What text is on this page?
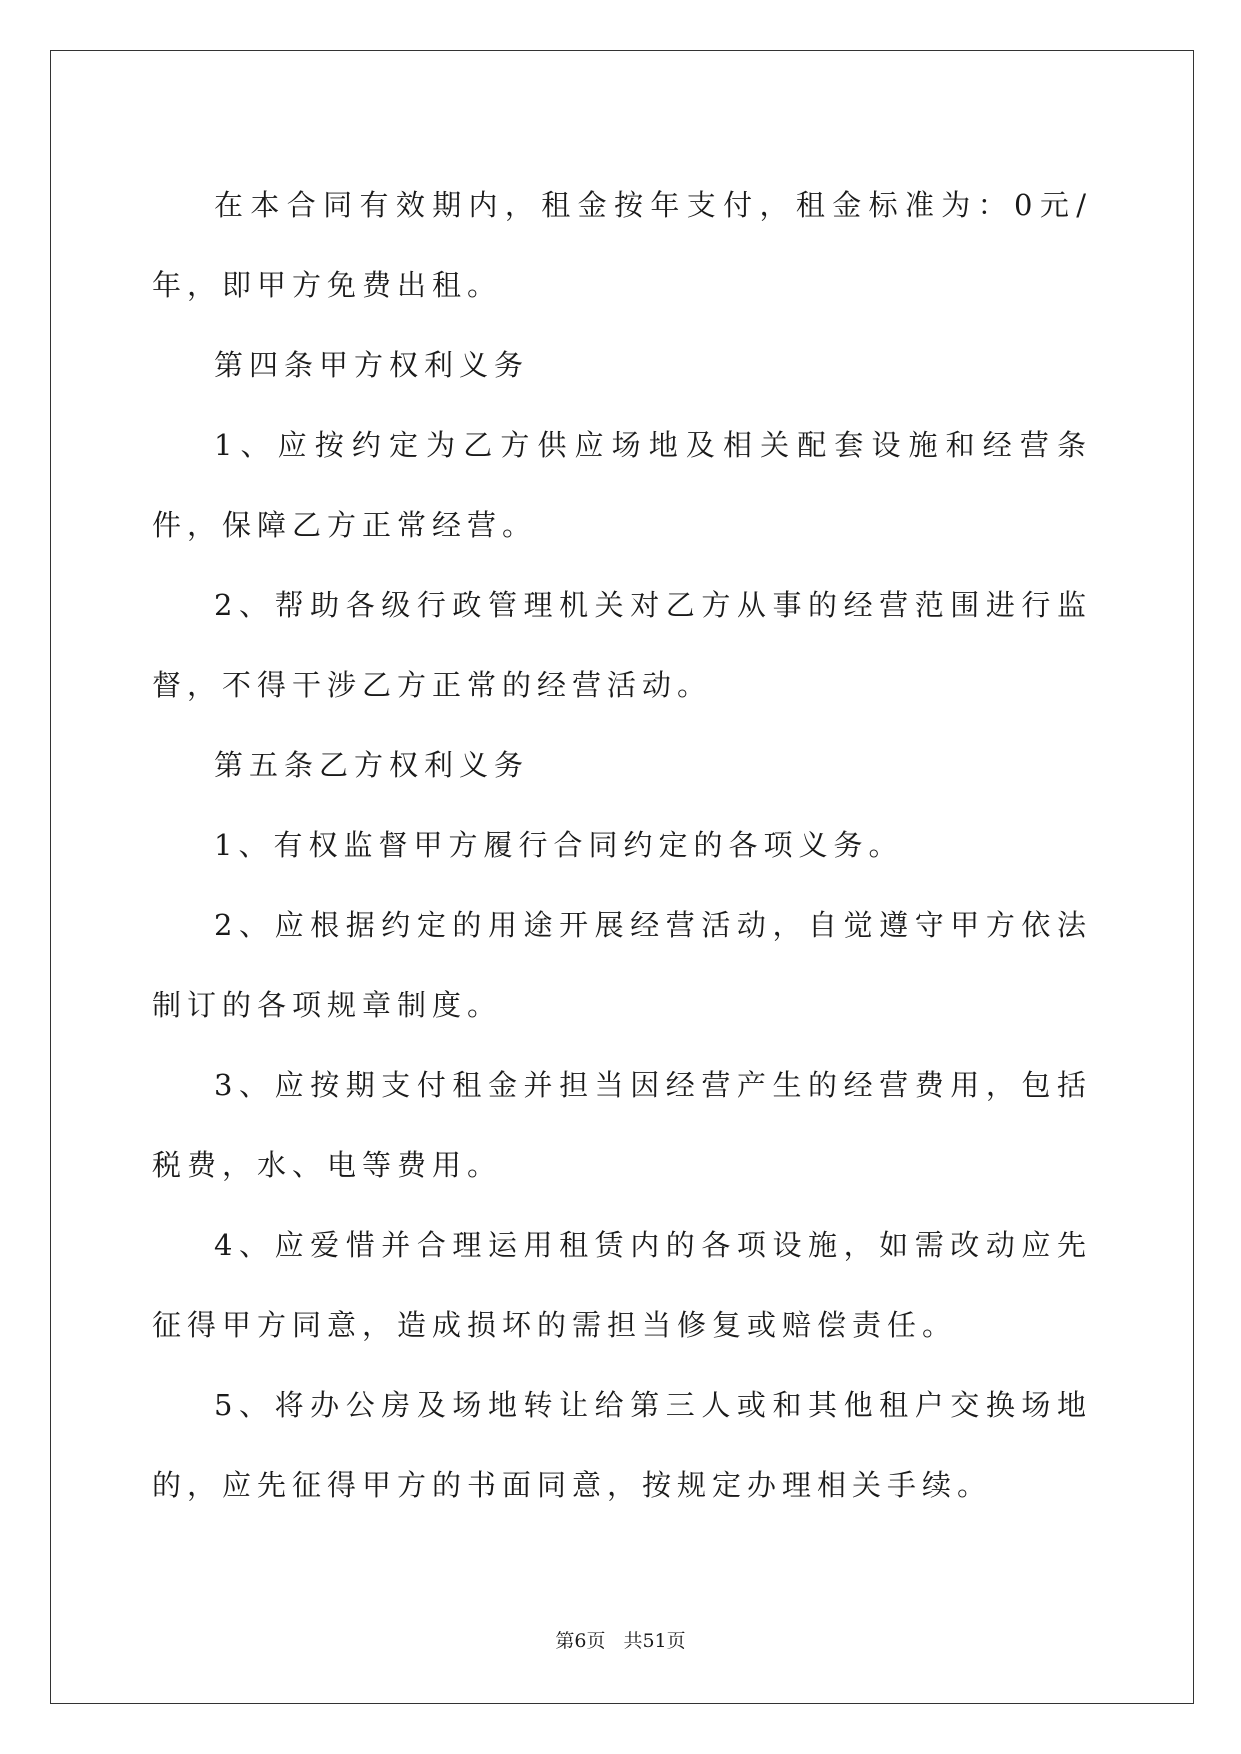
在本合同有效期内，租金按年支付，租金标准为：0元/年，即甲方免费出租。

第四条甲方权利义务

1、应按约定为乙方供应场地及相关配套设施和经营条件，保障乙方正常经营。

2、帮助各级行政管理机关对乙方从事的经营范围进行监督，不得干涉乙方正常的经营活动。

第五条乙方权利义务

1、有权监督甲方履行合同约定的各项义务。

2、应根据约定的用途开展经营活动，自觉遵守甲方依法制订的各项规章制度。

3、应按期支付租金并担当因经营产生的经营费用，包括税费，水、电等费用。

4、应爱惜并合理运用租赁内的各项设施，如需改动应先征得甲方同意，造成损坏的需担当修复或赔偿责任。

5、将办公房及场地转让给第三人或和其他租户交换场地的，应先征得甲方的书面同意，按规定办理相关手续。

第6页 共51页
